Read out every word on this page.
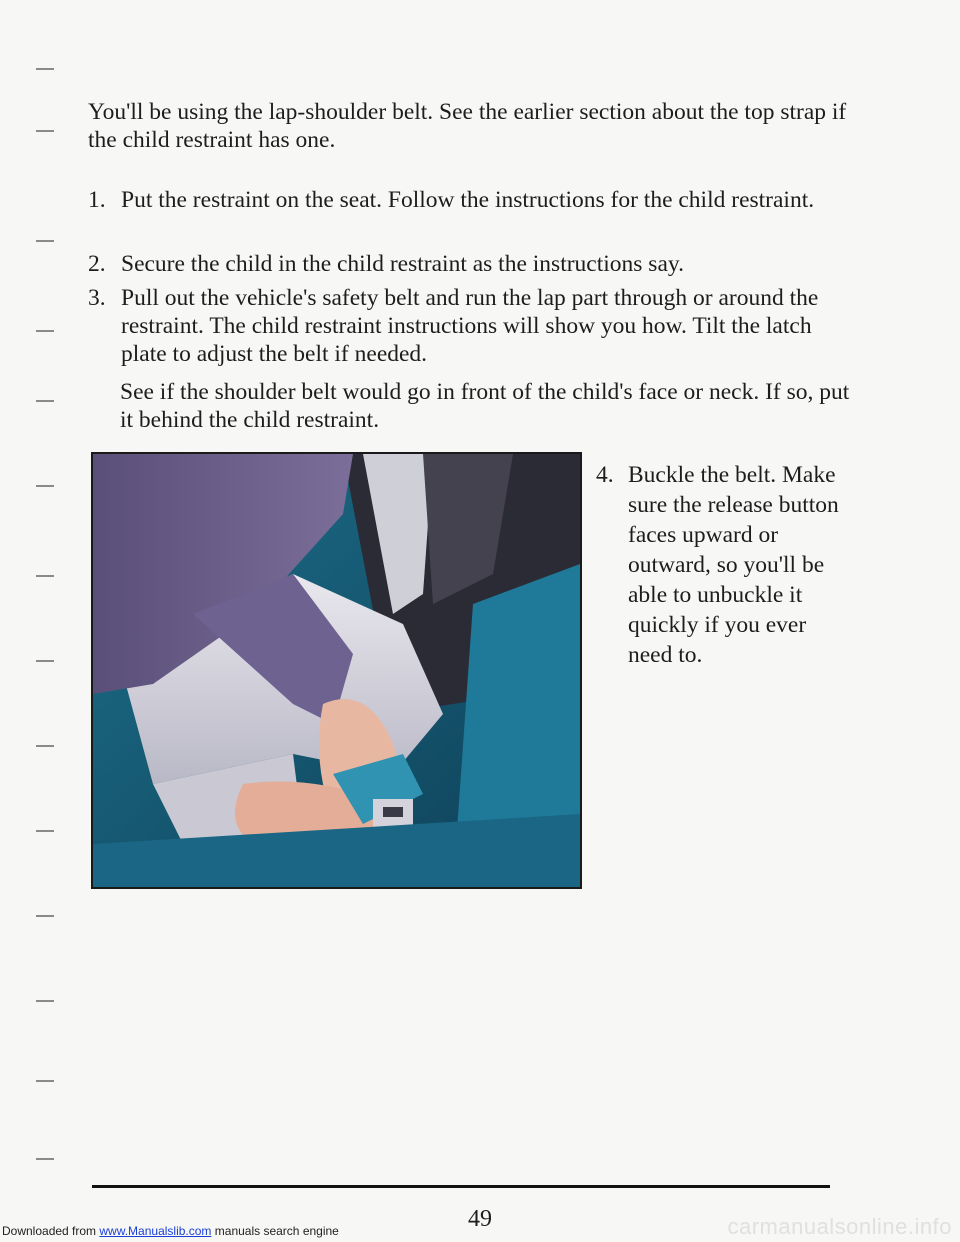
You'll be using the lap-shoulder belt. See the earlier section about the top strap if the child restraint has one.

1. Put the restraint on the seat. Follow the instructions for the child restraint.
2. Secure the child in the child restraint as the instructions say.
3. Pull out the vehicle's safety belt and run the lap part through or around the restraint. The child restraint instructions will show you how. Tilt the latch plate to adjust the belt if needed.

See if the shoulder belt would go in front of the child's face or neck. If so, put it behind the child restraint.

4. Buckle the belt. Make sure the release button faces upward or outward, so you'll be able to unbuckle it quickly if you ever need to.
49
Downloaded from www.Manualslib.com manuals search engine	carmanualsonline.info
